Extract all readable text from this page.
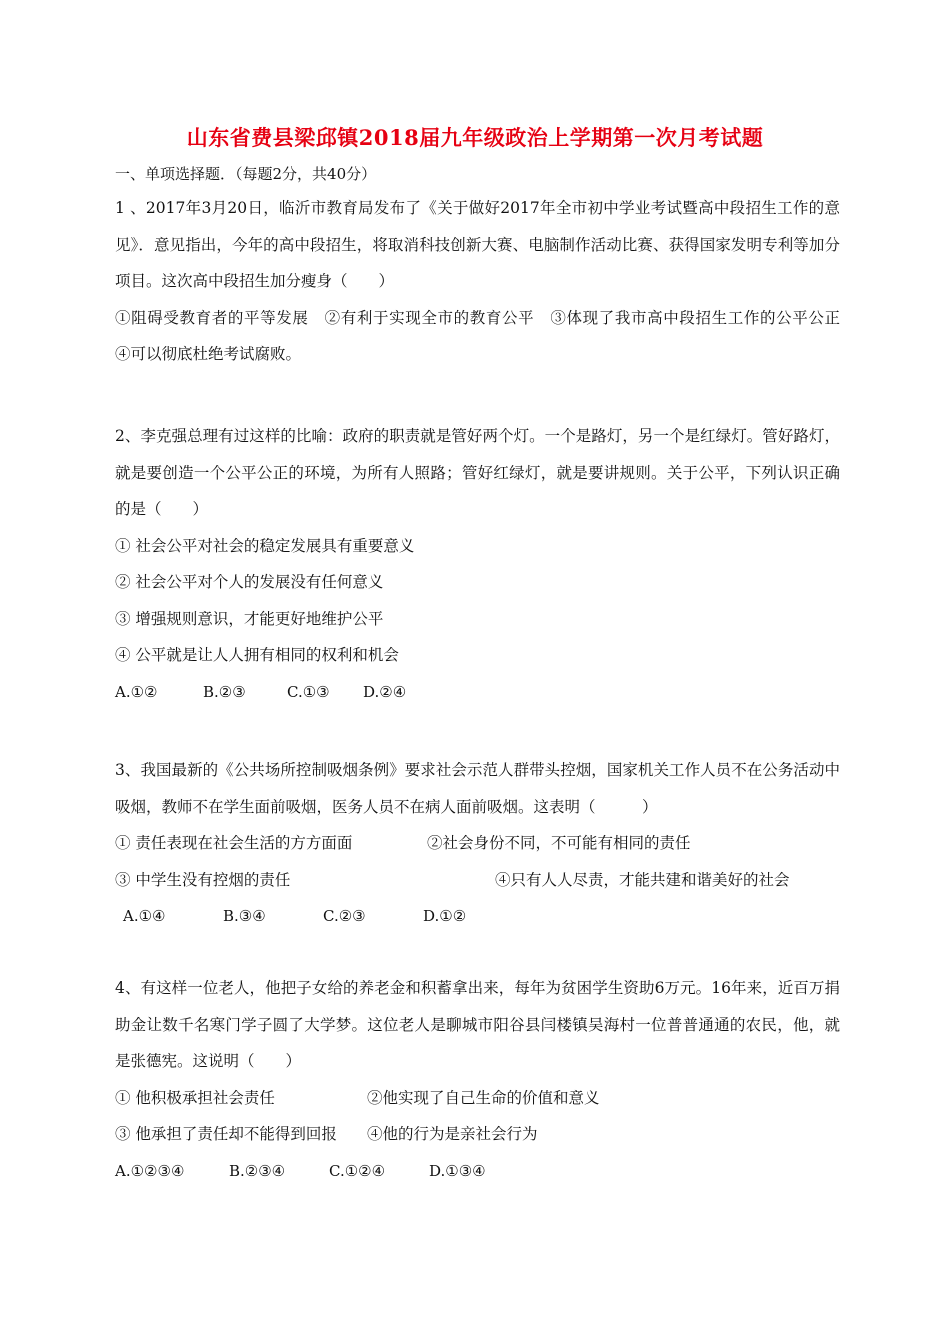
山东省费县梁邱镇2018届九年级政治上学期第一次月考试题
一、单项选择题．（每题2分，共40分）

1 、2017年3月20日，临沂市教育局发布了《关于做好2017年全市初中学业考试暨高中段招生工作的意见》．意见指出，今年的高中段招生，将取消科技创新大赛、电脑制作活动比赛、获得国家发明专利等加分项目。这次高中段招生加分瘦身（　　）

①阻碍受教育者的平等发展　②有利于实现全市的教育公平　③体现了我市高中段招生工作的公平公正　④可以彻底杜绝考试腐败。

2、李克强总理有过这样的比喻：政府的职责就是管好两个灯。一个是路灯，另一个是红绿灯。管好路灯，就是要创造一个公平公正的环境，为所有人照路；管好红绿灯，就是要讲规则。关于公平，下列认识正确的是（　　）

① 社会公平对社会的稳定发展具有重要意义

② 社会公平对个人的发展没有任何意义

③ 增强规则意识，才能更好地维护公平

④ 公平就是让人人拥有相同的权利和机会

A.①②	B.②③	C.①③ D.②④

3、我国最新的《公共场所控制吸烟条例》要求社会示范人群带头控烟，国家机关工作人员不在公务活动中吸烟，教师不在学生面前吸烟，医务人员不在病人面前吸烟。这表明（　　　）

① 责任表现在社会生活的方方面面	②社会身份不同，不可能有相同的责任

③ 中学生没有控烟的责任	④只有人人尽责，才能共建和谐美好的社会

A.①④	B.③④	C.②③	D.①②

4、有这样一位老人，他把子女给的养老金和积蓄拿出来，每年为贫困学生资助6万元。16年来，近百万捐助金让数千名寒门学子圆了大学梦。这位老人是聊城市阳谷县闫楼镇吴海村一位普普通通的农民，他，就是张德宪。这说明（　　）

① 他积极承担社会责任	②他实现了自己生命的价值和意义

③ 他承担了责任却不能得到回报 ④他的行为是亲社会行为

A.①②③④	B.②③④	C.①②④	D.①③④
